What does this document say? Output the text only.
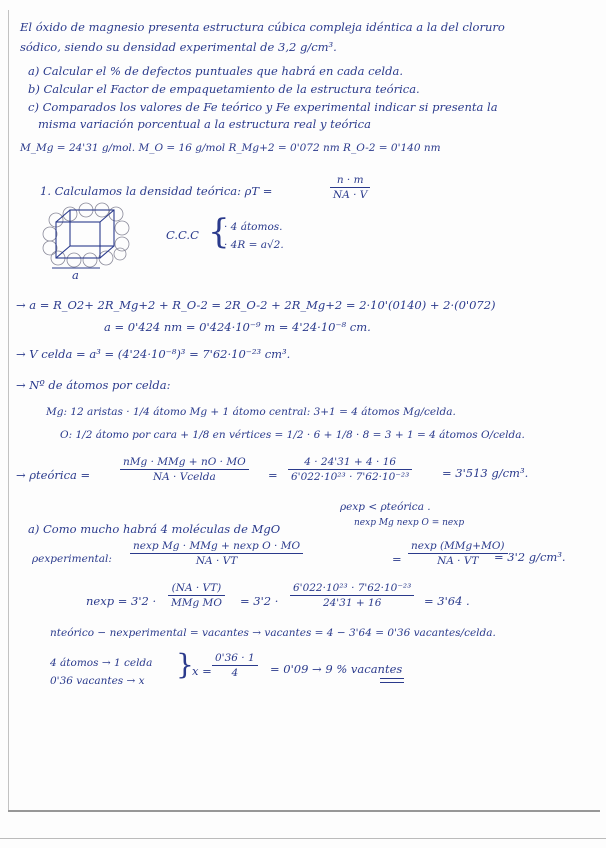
El óxido de magnesio presenta estructura cúbica compleja idéntica a la del cloruro
sódico, siendo su densidad experimental de 3,2 g/cm³.
a) Calcular el % de defectos puntuales que habrá en cada celda.
b) Calcular el Factor de empaquetamiento de la estructura teórica.
c) Comparados los valores de Fe teórico y Fe experimental indicar si presenta la
misma variación porcentual a la estructura real y teórica
M_Mg = 24'31 g/mol. M_O = 16 g/mol R_Mg+2 = 0'072 nm R_O-2 = 0'140 nm
1. Calculamos la densidad teórica: ρT =	$\frac{n \cdot m}{NA \cdot V}$
a
C.C.C {
· 4 átomos.
· 4R = a√2.
→ a = R_O2+ 2R_Mg+2 + R_O-2 = 2R_O-2 + 2R_Mg+2 = 2·10'(0140) + 2·(0'072)
a = 0'424 nm = 0'424·10⁻⁹ m = 4'24·10⁻⁸ cm.
→ V celda = a³ = (4'24·10⁻⁸)³ = 7'62·10⁻²³ cm³.
→ Nº de átomos por celda:
Mg: 12 aristas · 1/4 átomo Mg + 1 átomo central: 3+1 = 4 átomos Mg/celda.
O: 1/2 átomo por cara + 1/8 en vértices = 1/2 · 6 + 1/8 · 8 = 3 + 1 = 4 átomos O/celda.
→ ρteórica =
nMg · MMg + nO · MO
NA · Vcelda	= $\frac{4 \cdot 24'31 + 4 \cdot 16}{\text{6'022·10²³ · 7'62·10⁻²³}}$	= 3'513 g/cm³.
ρexp < ρteórica .
nexp Mg nexp O = nexp
a) Como mucho habrá 4 moléculas de MgO
ρexperimental:
nexp Mg · MMg + nexp O · MO
NA · VT	=
nexp (MMg+MO)
NA · VT	= 3'2 g/cm³.
nexp = 3'2 ·
(NA · VT)
MMg MO = $3'2 \cdot \frac{\text{6'022·10²³ · 7'62·10⁻²³}}{24'31 + 16} = 3'64$ .
nteórico − nexperimental = vacantes → vacantes = 4 − 3'64 = 0'36 vacantes/celda.
4 átomos → 1 celda
0'36 vacantes → x }
$x = \frac{0'36 \cdot 1}{4} = 0'09 \to 9$ % vacantes
